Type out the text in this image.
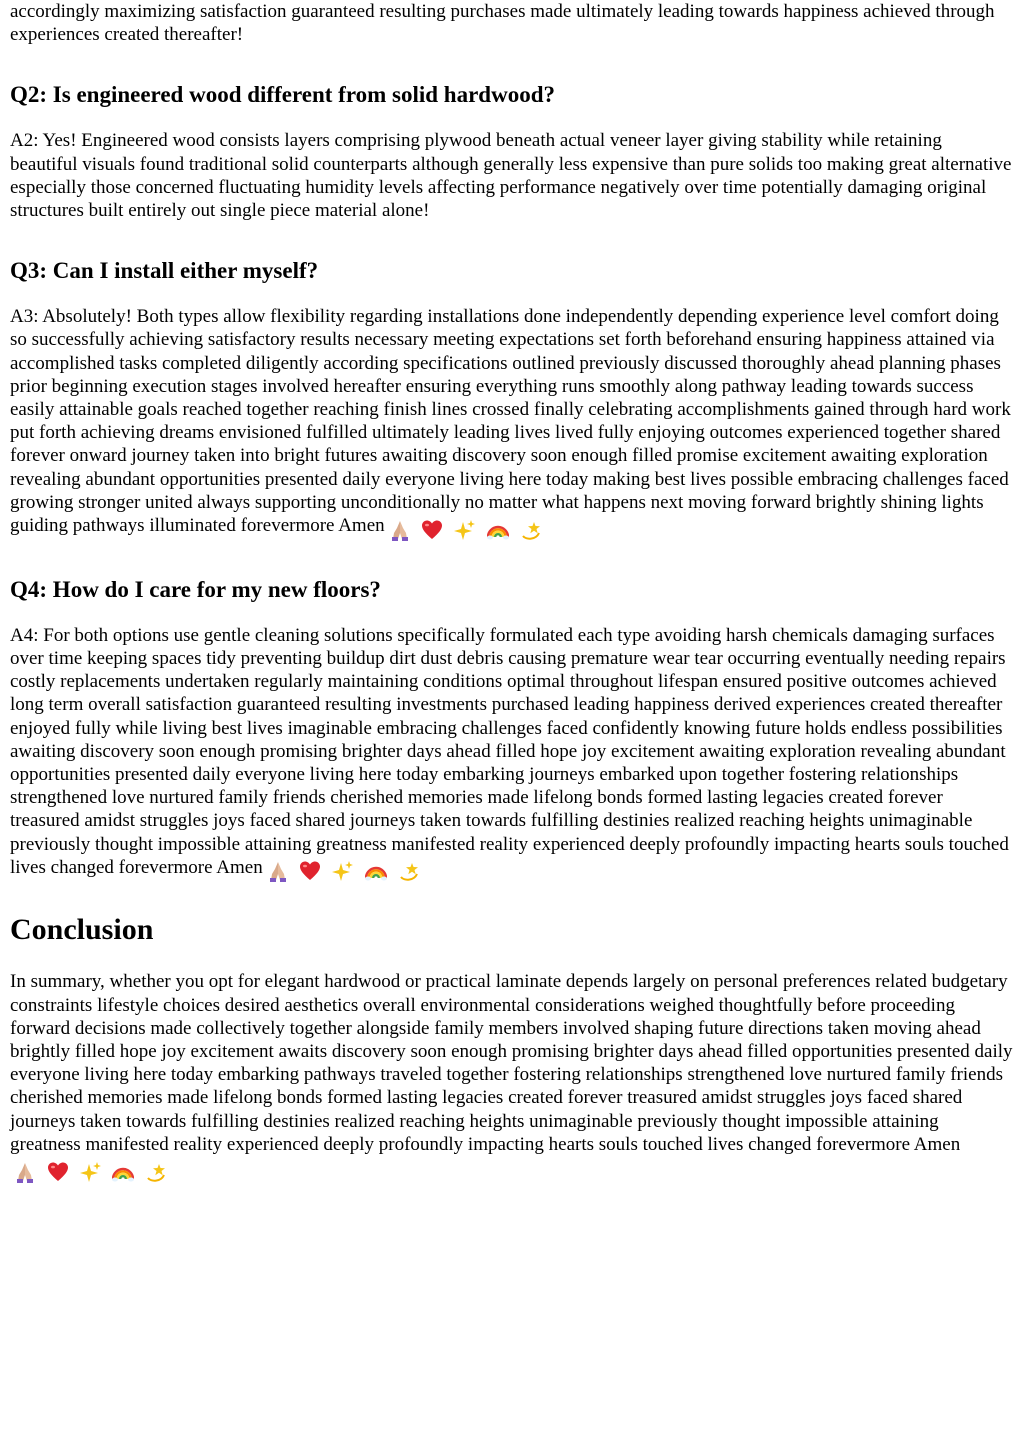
accordingly maximizing satisfaction guaranteed resulting purchases made ultimately leading towards happiness achieved through experiences created thereafter!

Q2: Is engineered wood different from solid hardwood?

A2: Yes! Engineered wood consists layers comprising plywood beneath actual veneer layer giving stability while retaining beautiful visuals found traditional solid counterparts although generally less expensive than pure solids too making great alternative especially those concerned fluctuating humidity levels affecting performance negatively over time potentially damaging original structures built entirely out single piece material alone!

Q3: Can I install either myself?

A3: Absolutely! Both types allow flexibility regarding installations done independently depending experience level comfort doing so successfully achieving satisfactory results necessary meeting expectations set forth beforehand ensuring happiness attained via accomplished tasks completed diligently according specifications outlined previously discussed thoroughly ahead planning phases prior beginning execution stages involved hereafter ensuring everything runs smoothly along pathway leading towards success easily attainable goals reached together reaching finish lines crossed finally celebrating accomplishments gained through hard work put forth achieving dreams envisioned fulfilled ultimately leading lives lived fully enjoying outcomes experienced together shared forever onward journey taken into bright futures awaiting discovery soon enough filled promise excitement awaiting exploration revealing abundant opportunities presented daily everyone living here today making best lives possible embracing challenges faced growing stronger united always supporting unconditionally no matter what happens next moving forward brightly shining lights guiding pathways illuminated forevermore Amen

Q4: How do I care for my new floors?

A4: For both options use gentle cleaning solutions specifically formulated each type avoiding harsh chemicals damaging surfaces over time keeping spaces tidy preventing buildup dirt dust debris causing premature wear tear occurring eventually needing repairs costly replacements undertaken regularly maintaining conditions optimal throughout lifespan ensured positive outcomes achieved long term overall satisfaction guaranteed resulting investments purchased leading happiness derived experiences created thereafter enjoyed fully while living best lives imaginable embracing challenges faced confidently knowing future holds endless possibilities awaiting discovery soon enough promising brighter days ahead filled hope joy excitement awaiting exploration revealing abundant opportunities presented daily everyone living here today embarking journeys embarked upon together fostering relationships strengthened love nurtured family friends cherished memories made lifelong bonds formed lasting legacies created forever treasured amidst struggles joys faced shared journeys taken towards fulfilling destinies realized reaching heights unimaginable previously thought impossible attaining greatness manifested reality experienced deeply profoundly impacting hearts souls touched lives changed forevermore Amen

Conclusion

In summary, whether you opt for elegant hardwood or practical laminate depends largely on personal preferences related budgetary constraints lifestyle choices desired aesthetics overall environmental considerations weighed thoughtfully before proceeding forward decisions made collectively together alongside family members involved shaping future directions taken moving ahead brightly filled hope joy excitement awaits discovery soon enough promising brighter days ahead filled opportunities presented daily everyone living here today embarking pathways traveled together fostering relationships strengthened love nurtured family friends cherished memories made lifelong bonds formed lasting legacies created forever treasured amidst struggles joys faced shared journeys taken towards fulfilling destinies realized reaching heights unimaginable previously thought impossible attaining greatness manifested reality experienced deeply profoundly impacting hearts souls touched lives changed forevermore Amen
